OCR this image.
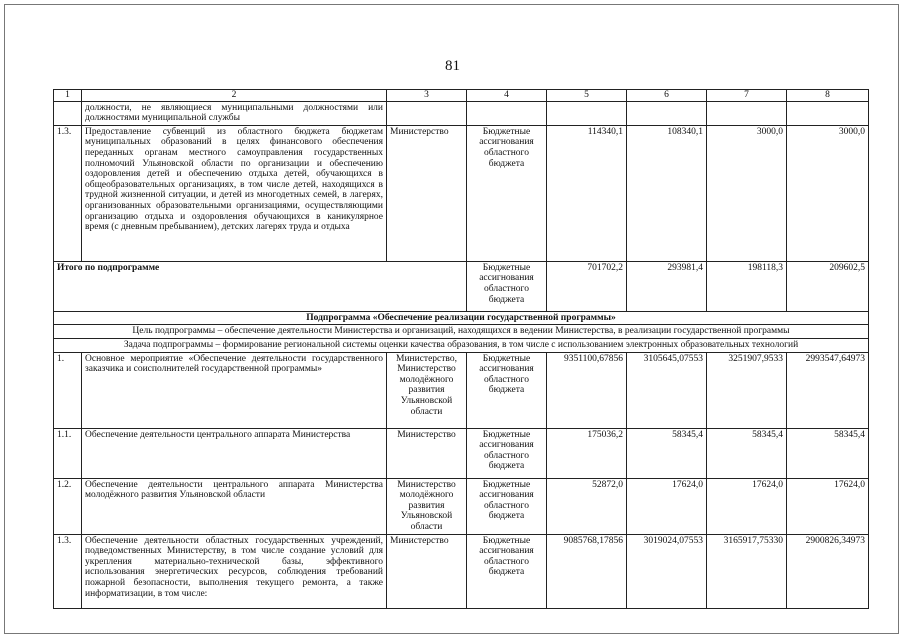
81
1	2	3	4	5	6	7	8
	должности, не являющиеся муниципальными должностями или должностями муниципальной службы						
1.3.	Предоставление субвенций из областного бюджета бюджетам муниципальных образований в целях финансового обеспечения переданных органам местного самоуправления государственных полномочий Ульяновской области по организации и обеспечению оздоровления детей и обеспечению отдыха детей, обучающихся в общеобразовательных организациях, в том числе детей, находящихся в трудной жизненной ситуации, и детей из многодетных семей, в лагерях, организованных образовательными организациями, осуществляющими организацию отдыха и оздоровления обучающихся в каникулярное время (с дневным пребыванием), детских лагерях труда и отдыха	Министерство	Бюджетные ассигнования областного бюджета	114340,1	108340,1	3000,0	3000,0
Итого по подпрограмме			Бюджетные ассигнования областного бюджета	701702,2	293981,4	198118,3	209602,5
Подпрограмма «Обеспечение реализации государственной программы»							
Цель подпрограммы – обеспечение деятельности Министерства и организаций, находящихся в ведении Министерства, в реализации государственной программы							
Задача подпрограммы – формирование региональной системы оценки качества образования, в том числе с использованием электронных образовательных технологий							
1.	Основное мероприятие «Обеспечение деятельности государственного заказчика и соисполнителей государственной программы»	Министерство, Министерство молодёжного развития Ульяновской области	Бюджетные ассигнования областного бюджета	9351100,67856	3105645,07553	3251907,9533	2993547,64973
1.1.	Обеспечение деятельности центрального аппарата Министерства	Министерство	Бюджетные ассигнования областного бюджета	175036,2	58345,4	58345,4	58345,4
1.2.	Обеспечение деятельности центрального аппарата Министерства молодёжного развития Ульяновской области	Министерство молодёжного развития Ульяновской области	Бюджетные ассигнования областного бюджета	52872,0	17624,0	17624,0	17624,0
1.3.	Обеспечение деятельности областных государственных учреждений, подведомственных Министерству, в том числе создание условий для укрепления материально-технической базы, эффективного использования энергетических ресурсов, соблюдения требований пожарной безопасности, выполнения текущего ремонта, а также информатизации, в том числе:	Министерство	Бюджетные ассигнования областного бюджета	9085768,17856	3019024,07553	3165917,75330	2900826,34973
